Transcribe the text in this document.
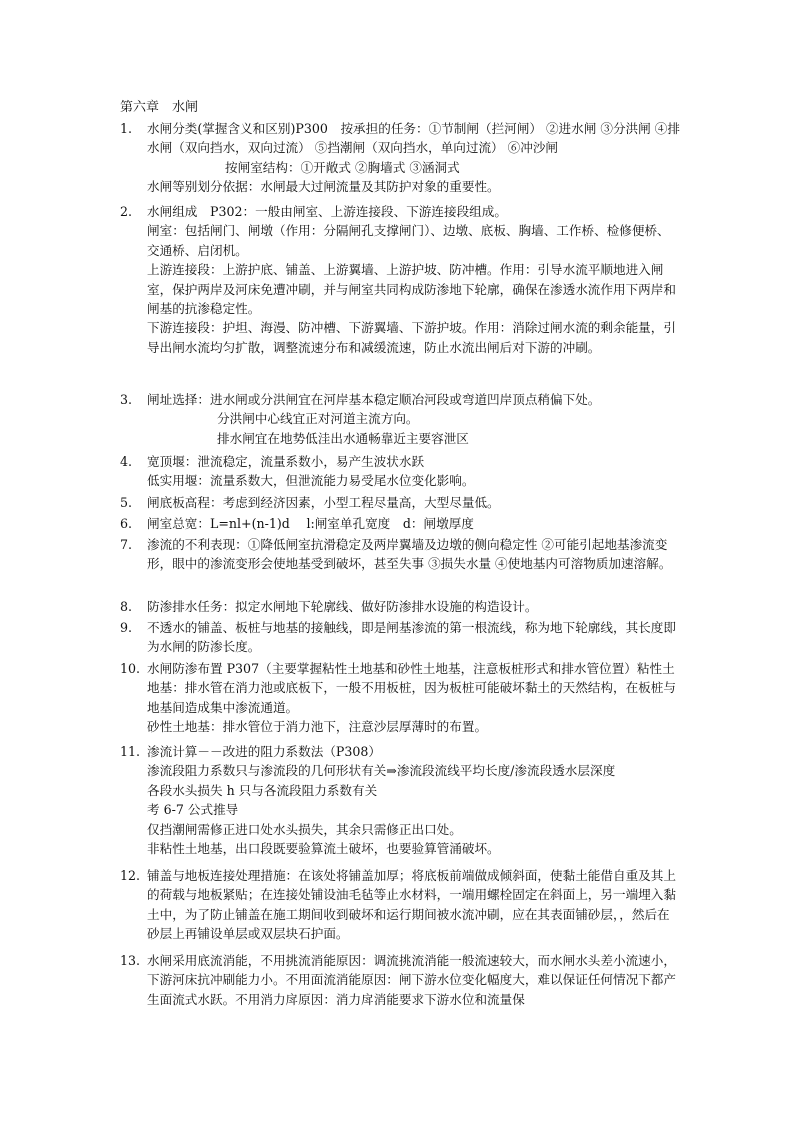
第六章　水闸
1.	水闸分类(掌握含义和区别)P300　按承担的任务：①节制闸（拦河闸） ②进水闸 ③分洪闸 ④排水闸（双向挡水，双向过流） ⑤挡潮闸（双向挡水，单向过流） ⑥冲沙闸

按闸室结构：①开敞式 ②胸墙式 ③涵洞式

水闸等别划分依据：水闸最大过闸流量及其防护对象的重要性。

2.	水闸组成　P302：一般由闸室、上游连接段、下游连接段组成。

闸室：包括闸门、闸墩（作用：分隔闸孔支撑闸门）、边墩、底板、胸墙、工作桥、检修便桥、交通桥、启闭机。

上游连接段：上游护底、铺盖、上游翼墙、上游护坡、防冲槽。作用：引导水流平顺地进入闸室，保护两岸及河床免遭冲刷，并与闸室共同构成防渗地下轮廓，确保在渗透水流作用下两岸和闸基的抗渗稳定性。

下游连接段：护坦、海漫、防冲槽、下游翼墙、下游护坡。作用：消除过闸水流的剩余能量，引导出闸水流均匀扩散，调整流速分布和减缓流速，防止水流出闸后对下游的冲刷。

3.	闸址选择：进水闸或分洪闸宜在河岸基本稳定顺冶河段或弯道凹岸顶点稍偏下处。

分洪闸中心线宜正对河道主流方向。

排水闸宜在地势低洼出水通畅靠近主要容泄区

4.	宽顶堰：泄流稳定，流量系数小，易产生波状水跃

低实用堰：流量系数大，但泄流能力易受尾水位变化影响。

5.	闸底板高程：考虑到经济因素，小型工程尽量高，大型尽量低。

6.	闸室总宽：L=nl+(n-1)d　 l:闸室单孔宽度　d：闸墩厚度

7.	渗流的不利表现：①降低闸室抗滑稳定及两岸翼墙及边墩的侧向稳定性 ②可能引起地基渗流变形，眼中的渗流变形会使地基受到破坏，甚至失事 ③损失水量 ④使地基内可溶物质加速溶解。

8.	防渗排水任务：拟定水闸地下轮廓线、做好防渗排水设施的构造设计。

9.	不透水的铺盖、板桩与地基的接触线，即是闸基渗流的第一根流线，称为地下轮廓线，其长度即为水闸的防渗长度。

10. 水闸防渗布置 P307（主要掌握粘性土地基和砂性土地基，注意板桩形式和排水管位置）粘性土地基：排水管在消力池或底板下，一般不用板桩，因为板桩可能破坏黏土的天然结构，在板桩与地基间造成集中渗流通道。

砂性土地基：排水管位于消力池下，注意沙层厚薄时的布置。

11. 渗流计算－－改进的阻力系数法（P308）

渗流段阻力系数只与渗流段的几何形状有关⇒渗流段流线平均长度/渗流段透水层深度

各段水头损失 h 只与各流段阻力系数有关

考 6-7 公式推导

仅挡潮闸需修正进口处水头损失，其余只需修正出口处。

非粘性土地基，出口段既要验算流土破坏，也要验算管涌破坏。

12. 铺盖与地板连接处理措施：在该处将铺盖加厚；将底板前端做成倾斜面，使黏土能借自重及其上的荷载与地板紧贴；在连接处铺设油毛毡等止水材料，一端用螺栓固定在斜面上，另一端埋入黏土中，为了防止铺盖在施工期间收到破坏和运行期间被水流冲刷，应在其表面铺砂层，，然后在砂层上再铺设单层或双层块石护面。

13. 水闸采用底流消能，不用挑流消能原因：调流挑流消能一般流速较大，而水闸水头差小流速小，下游河床抗冲刷能力小。不用面流消能原因：闸下游水位变化幅度大，难以保证任何情况下都产生面流式水跃。不用消力戽原因：消力戽消能要求下游水位和流量保
